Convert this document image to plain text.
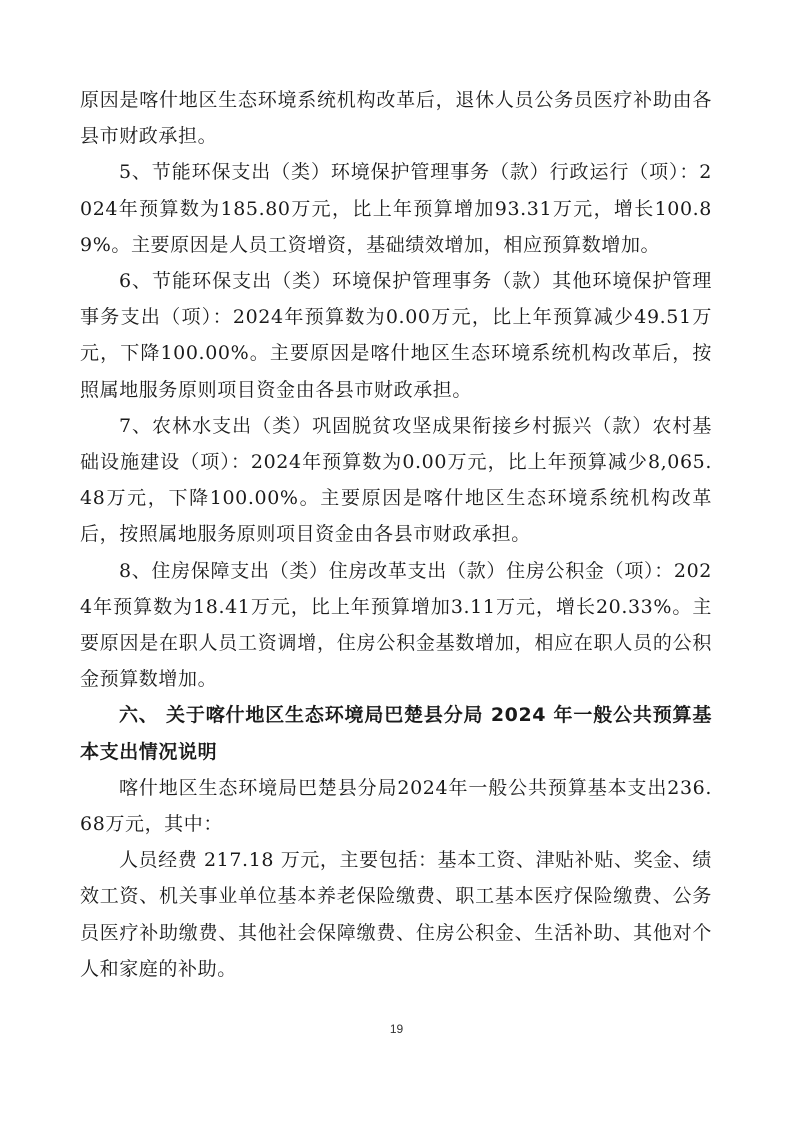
原因是喀什地区生态环境系统机构改革后，退休人员公务员医疗补助由各县市财政承担。

5、节能环保支出（类）环境保护管理事务（款）行政运行（项）：2024年预算数为185.80万元，比上年预算增加93.31万元，增长100.89%。主要原因是人员工资增资，基础绩效增加，相应预算数增加。

6、节能环保支出（类）环境保护管理事务（款）其他环境保护管理事务支出（项）：2024年预算数为0.00万元，比上年预算减少49.51万元，下降100.00%。主要原因是喀什地区生态环境系统机构改革后，按照属地服务原则项目资金由各县市财政承担。

7、农林水支出（类）巩固脱贫攻坚成果衔接乡村振兴（款）农村基础设施建设（项）：2024年预算数为0.00万元，比上年预算减少8,065.48万元，下降100.00%。主要原因是喀什地区生态环境系统机构改革后，按照属地服务原则项目资金由各县市财政承担。

8、住房保障支出（类）住房改革支出（款）住房公积金（项）：2024年预算数为18.41万元，比上年预算增加3.11万元，增长20.33%。主要原因是在职人员工资调增，住房公积金基数增加，相应在职人员的公积金预算数增加。

六、 关于喀什地区生态环境局巴楚县分局 2024 年一般公共预算基本支出情况说明

喀什地区生态环境局巴楚县分局2024年一般公共预算基本支出236.68万元，其中：

人员经费 217.18 万元，主要包括：基本工资、津贴补贴、奖金、绩效工资、机关事业单位基本养老保险缴费、职工基本医疗保险缴费、公务员医疗补助缴费、其他社会保障缴费、住房公积金、生活补助、其他对个人和家庭的补助。

19
